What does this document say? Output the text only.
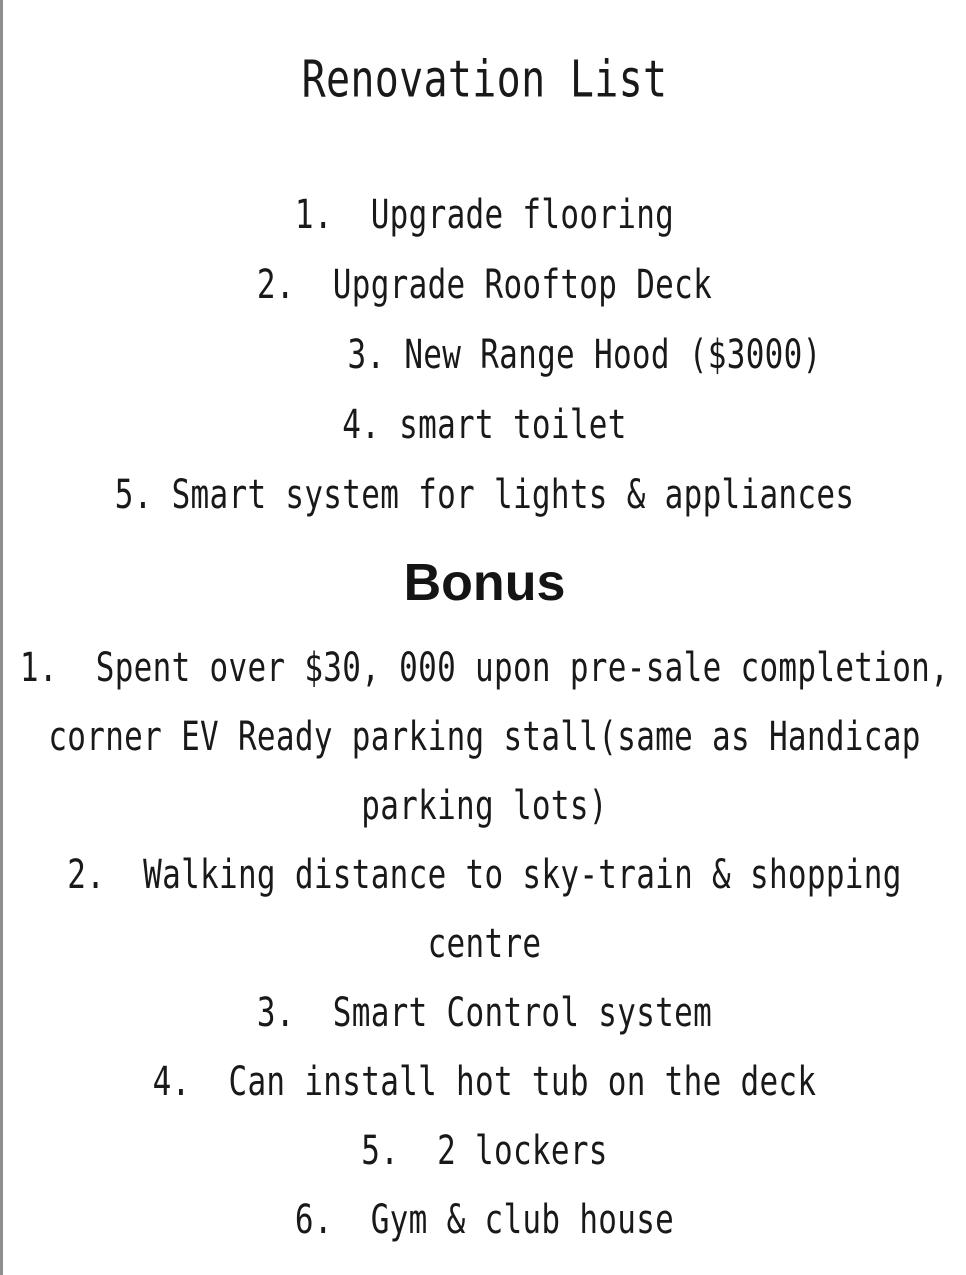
Renovation List
1.  Upgrade flooring
2.  Upgrade Rooftop Deck
3. New Range Hood ($3000)
4. smart toilet
5. Smart system for lights & appliances
Bonus
1.  Spent over $30, 000 upon pre-sale completion,
corner EV Ready parking stall(same as Handicap
parking lots)
2.  Walking distance to sky-train & shopping
centre
3.  Smart Control system
4.  Can install hot tub on the deck
5.  2 lockers
6.  Gym & club house
